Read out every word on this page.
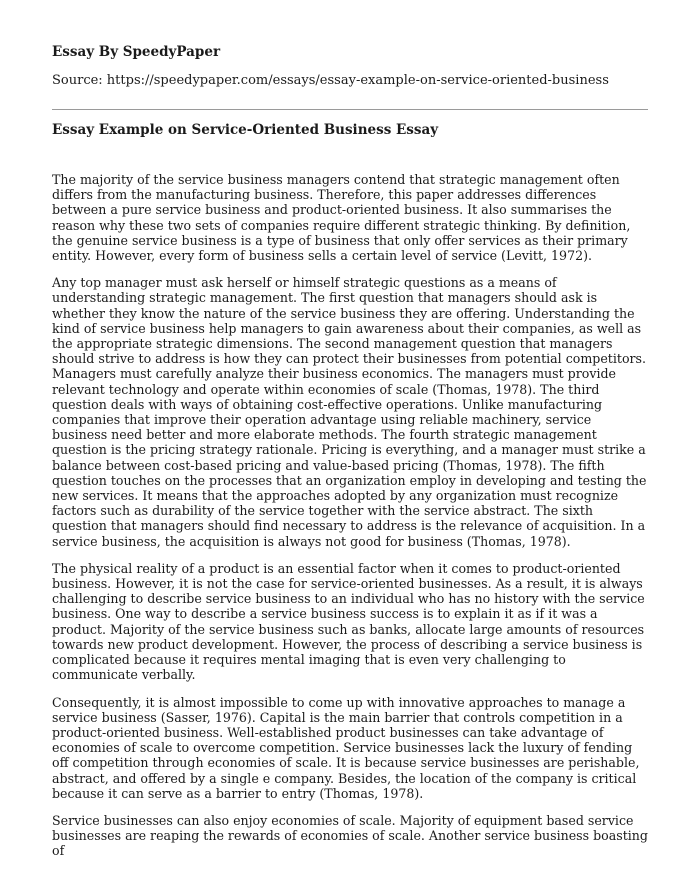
Essay By SpeedyPaper

Source: https://speedypaper.com/essays/essay-example-on-service-oriented-business

Essay Example on Service-Oriented Business Essay

The majority of the service business managers contend that strategic management often differs from the manufacturing business. Therefore, this paper addresses differences between a pure service business and product-oriented business. It also summarises the reason why these two sets of companies require different strategic thinking. By definition, the genuine service business is a type of business that only offer services as their primary entity. However, every form of business sells a certain level of service (Levitt, 1972).

Any top manager must ask herself or himself strategic questions as a means of understanding strategic management. The first question that managers should ask is whether they know the nature of the service business they are offering. Understanding the kind of service business help managers to gain awareness about their companies, as well as the appropriate strategic dimensions. The second management question that managers should strive to address is how they can protect their businesses from potential competitors. Managers must carefully analyze their business economics. The managers must provide relevant technology and operate within economies of scale (Thomas, 1978). The third question deals with ways of obtaining cost-effective operations. Unlike manufacturing companies that improve their operation advantage using reliable machinery, service business need better and more elaborate methods. The fourth strategic management question is the pricing strategy rationale. Pricing is everything, and a manager must strike a balance between cost-based pricing and value-based pricing (Thomas, 1978). The fifth question touches on the processes that an organization employ in developing and testing the new services. It means that the approaches adopted by any organization must recognize factors such as durability of the service together with the service abstract. The sixth question that managers should find necessary to address is the relevance of acquisition. In a service business, the acquisition is always not good for business (Thomas, 1978).

The physical reality of a product is an essential factor when it comes to product-oriented business. However, it is not the case for service-oriented businesses. As a result, it is always challenging to describe service business to an individual who has no history with the service business. One way to describe a service business success is to explain it as if it was a product. Majority of the service business such as banks, allocate large amounts of resources towards new product development. However, the process of describing a service business is complicated because it requires mental imaging that is even very challenging to communicate verbally.

Consequently, it is almost impossible to come up with innovative approaches to manage a service business (Sasser, 1976). Capital is the main barrier that controls competition in a product-oriented business. Well-established product businesses can take advantage of economies of scale to overcome competition. Service businesses lack the luxury of fending off competition through economies of scale. It is because service businesses are perishable, abstract, and offered by a single e company. Besides, the location of the company is critical because it can serve as a barrier to entry (Thomas, 1978).

Service businesses can also enjoy economies of scale. Majority of equipment based service businesses are reaping the rewards of economies of scale. Another service business boasting of
